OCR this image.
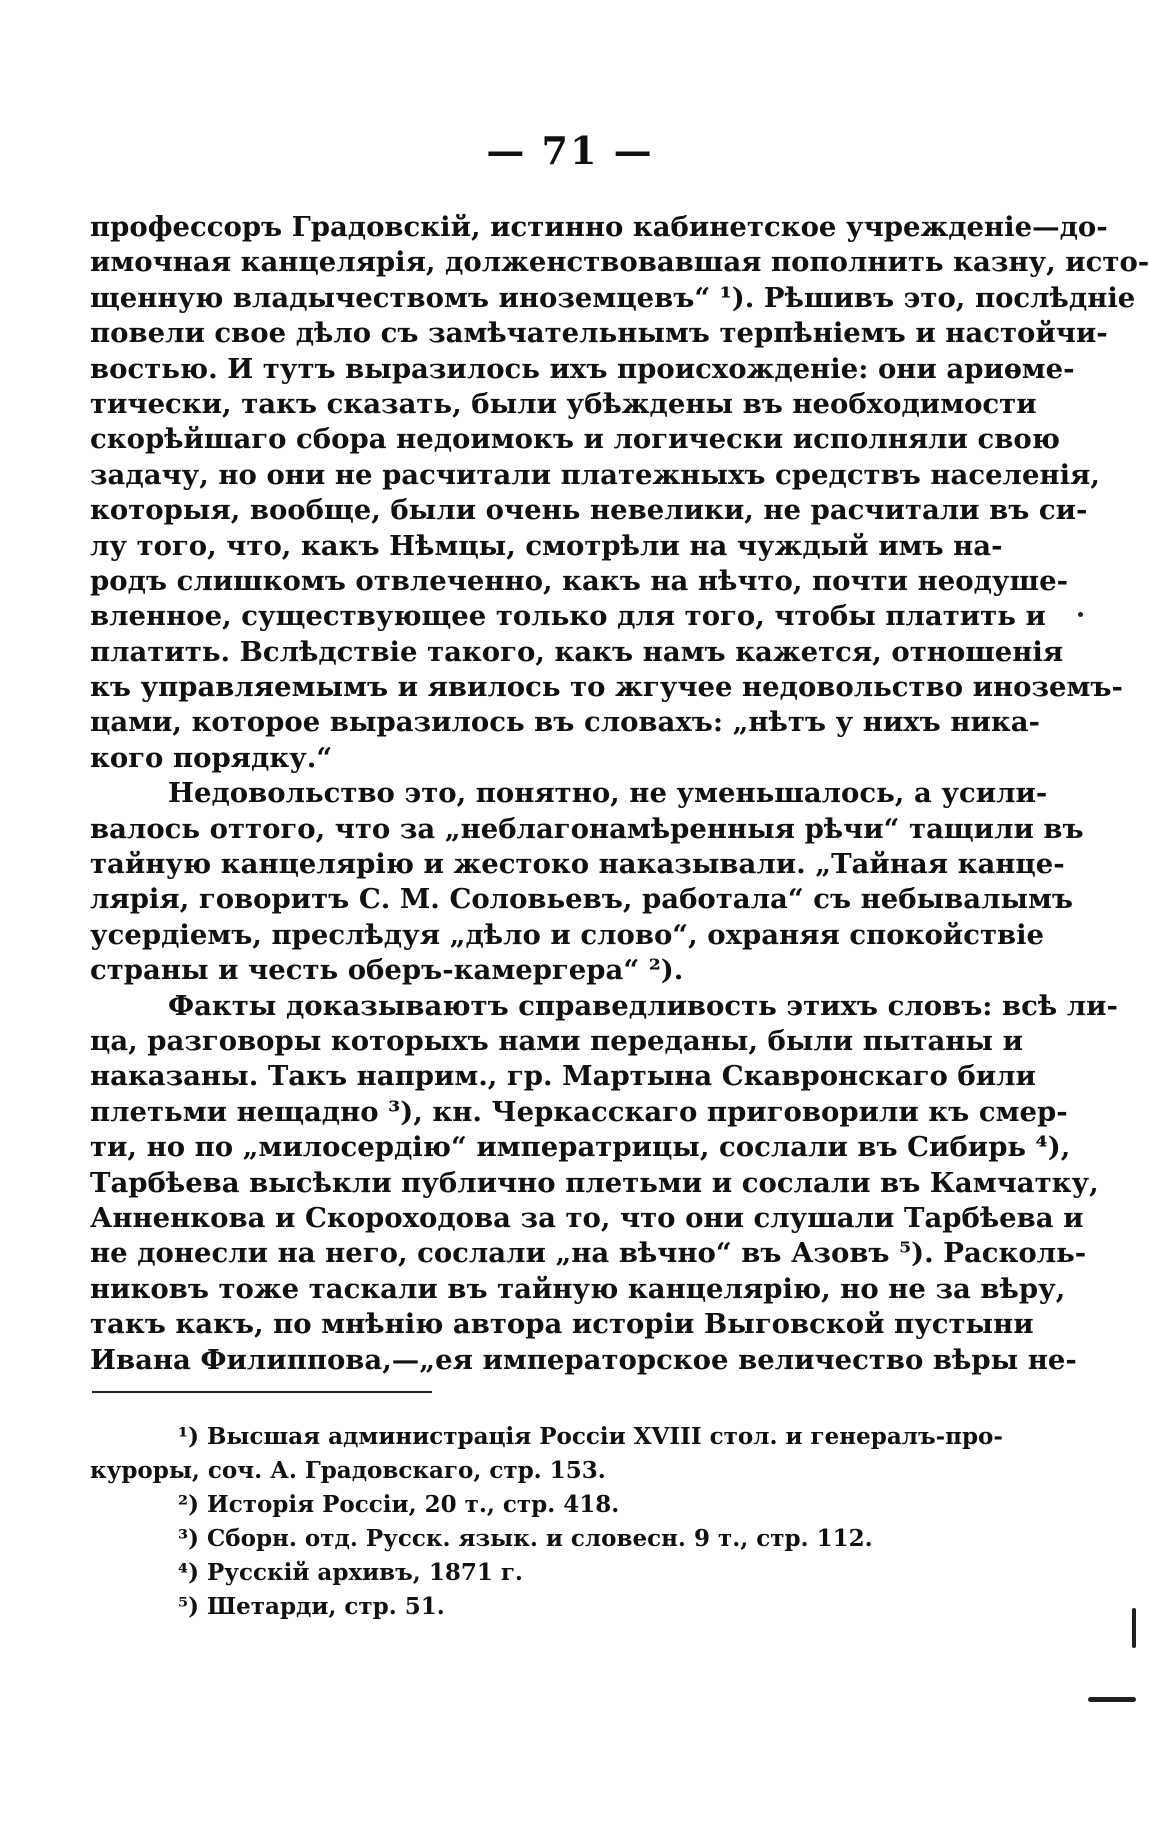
— 71 —
профессоръ Градовскій, истинно кабинетское учрежденіе—до-
имочная канцелярія, долженствовавшая пополнить казну, исто-
щенную владычествомъ иноземцевъ“ ¹). Рѣшивъ это, послѣдніе
повели свое дѣло съ замѣчательнымъ терпѣніемъ и настойчи-
востью. И тутъ выразилось ихъ происхожденіе: они ариѳме-
тически, такъ сказать, были убѣждены въ необходимости
скорѣйшаго сбора недоимокъ и логически исполняли свою
задачу, но они не расчитали платежныхъ средствъ населенія,
которыя, вообще, были очень невелики, не расчитали въ си-
лу того, что, какъ Нѣмцы, смотрѣли на чуждый имъ на-
родъ слишкомъ отвлеченно, какъ на нѣчто, почти неодуше-
вленное, существующее только для того, чтобы платить и
платить. Вслѣдствіе такого, какъ намъ кажется, отношенія
къ управляемымъ и явилось то жгучее недовольство иноземъ-
цами, которое выразилось въ словахъ: „нѣтъ у нихъ ника-
кого порядку.“
Недовольство это, понятно, не уменьшалось, а усили-
валось оттого, что за „неблагонамѣренныя рѣчи“ тащили въ
тайную канцелярію и жестоко наказывали. „Тайная канце-
лярія, говоритъ С. М. Соловьевъ, работала“ съ небывалымъ
усердіемъ, преслѣдуя „дѣло и слово“, охраняя спокойствіе
страны и честь оберъ-камергера“ ²).
Факты доказываютъ справедливость этихъ словъ: всѣ ли-
ца, разговоры которыхъ нами переданы, были пытаны и
наказаны. Такъ наприм., гр. Мартына Скавронскаго били
плетьми нещадно ³), кн. Черкасскаго приговорили къ смер-
ти, но по „милосердію“ императрицы, сослали въ Сибирь ⁴),
Тарбѣева высѣкли публично плетьми и сослали въ Камчатку,
Анненкова и Скороходова за то, что они слушали Тарбѣева и
не донесли на него, сослали „на вѣчно“ въ Азовъ ⁵). Расколь-
никовъ тоже таскали въ тайную канцелярію, но не за вѣру,
такъ какъ, по мнѣнію автора исторіи Выговской пустыни
Ивана Филиппова,—„ея императорское величество вѣры не-
¹) Высшая администрація Россіи XVIII стол. и генералъ-про-
куроры, соч. А. Градовскаго, стр. 153.
²) Исторія Россіи, 20 т., стр. 418.
³) Сборн. отд. Русск. язык. и словесн. 9 т., стр. 112.
⁴) Русскій архивъ, 1871 г.
⁵) Шетарди, стр. 51.
